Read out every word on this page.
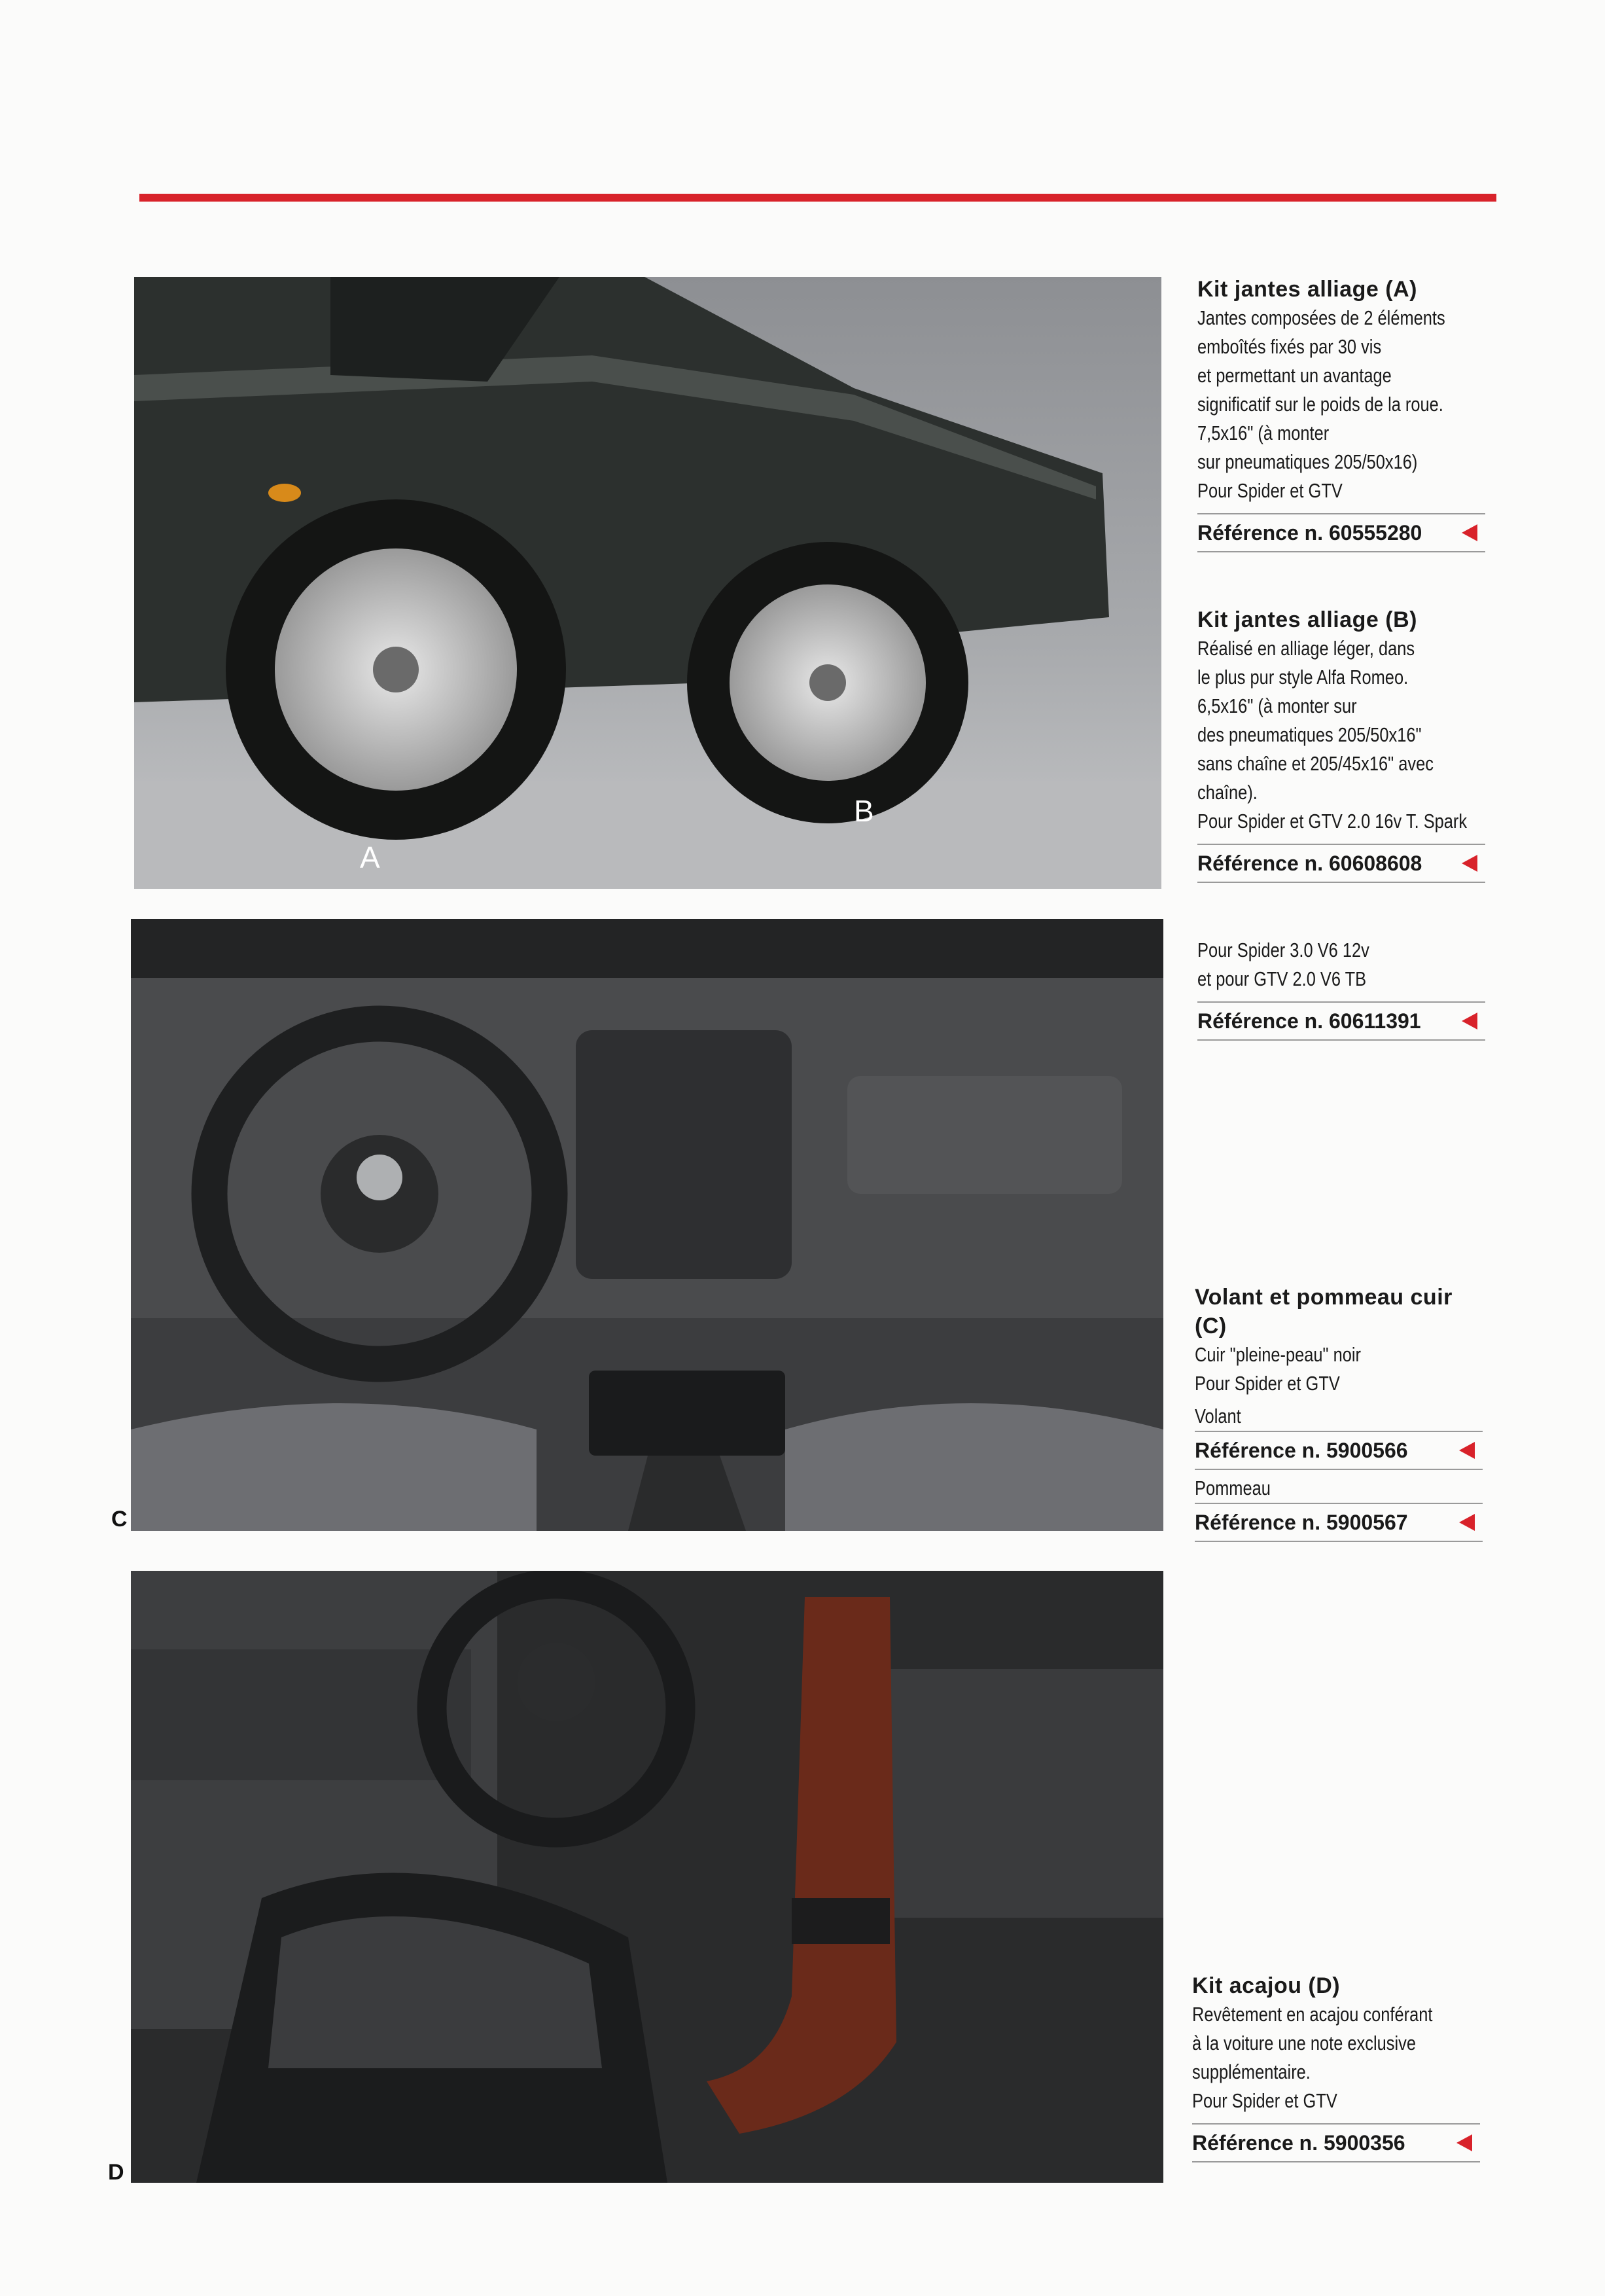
A
B
C
D

Kit jantes alliage (A)

Jantes composées de 2 éléments
emboîtés fixés par 30 vis
et permettant un avantage
significatif sur le poids de la roue.
7,5x16" (à monter
sur pneumatiques 205/50x16)
Pour Spider et GTV

Référence n. 60555280

Kit jantes alliage (B)

Réalisé en alliage léger, dans
le plus pur style Alfa Romeo.
6,5x16" (à monter sur
des pneumatiques 205/50x16"
sans chaîne et 205/45x16" avec
chaîne).
Pour Spider et GTV 2.0 16v T. Spark

Référence n. 60608608

Pour Spider 3.0 V6 12v
et pour GTV 2.0 V6 TB

Référence n. 60611391

Volant et pommeau cuir (C)

Cuir "pleine-peau" noir
Pour Spider et GTV

Volant

Référence n. 5900566

Pommeau

Référence n. 5900567

Kit acajou (D)

Revêtement en acajou conférant
à la voiture une note exclusive
supplémentaire.
Pour Spider et GTV

Référence n. 5900356
